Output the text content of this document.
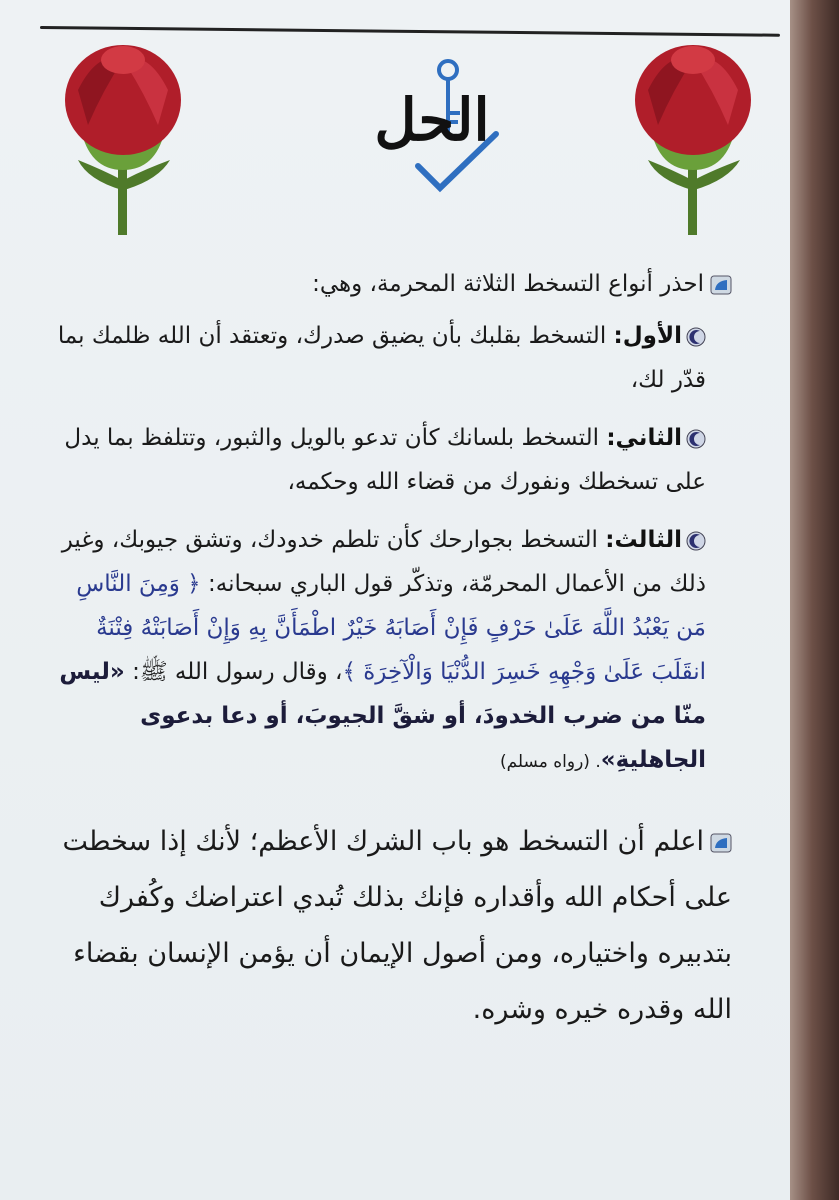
الحل
احذر أنواع التسخط الثلاثة المحرمة، وهي:
الأول: التسخط بقلبك بأن يضيق صدرك، وتعتقد أن الله ظلمك بما قدّر لك،
الثاني: التسخط بلسانك كأن تدعو بالويل والثبور، وتتلفظ بما يدل على تسخطك ونفورك من قضاء الله وحكمه،
الثالث: التسخط بجوارحك كأن تلطم خدودك، وتشق جيوبك، وغير ذلك من الأعمال المحرمّة، وتذكّر قول الباري سبحانه: ﴿ وَمِنَ النَّاسِ مَن يَعْبُدُ اللَّهَ عَلَىٰ حَرْفٍ فَإِنْ أَصَابَهُ خَيْرٌ اطْمَأَنَّ بِهِ وَإِنْ أَصَابَتْهُ فِتْنَةٌ انقَلَبَ عَلَىٰ وَجْهِهِ خَسِرَ الدُّنْيَا وَالْآخِرَةَ ﴾، وقال رسول الله ﷺ: «ليس منّا من ضرب الخدودَ، أو شقَّ الجيوبَ، أو دعا بدعوى الجاهليةِ». (رواه مسلم)
اعلم أن التسخط هو باب الشرك الأعظم؛ لأنك إذا سخطت على أحكام الله وأقداره فإنك بذلك تُبدي اعتراضك وكُفرك بتدبيره واختياره، ومن أصول الإيمان أن يؤمن الإنسان بقضاء الله وقدره خيره وشره.
